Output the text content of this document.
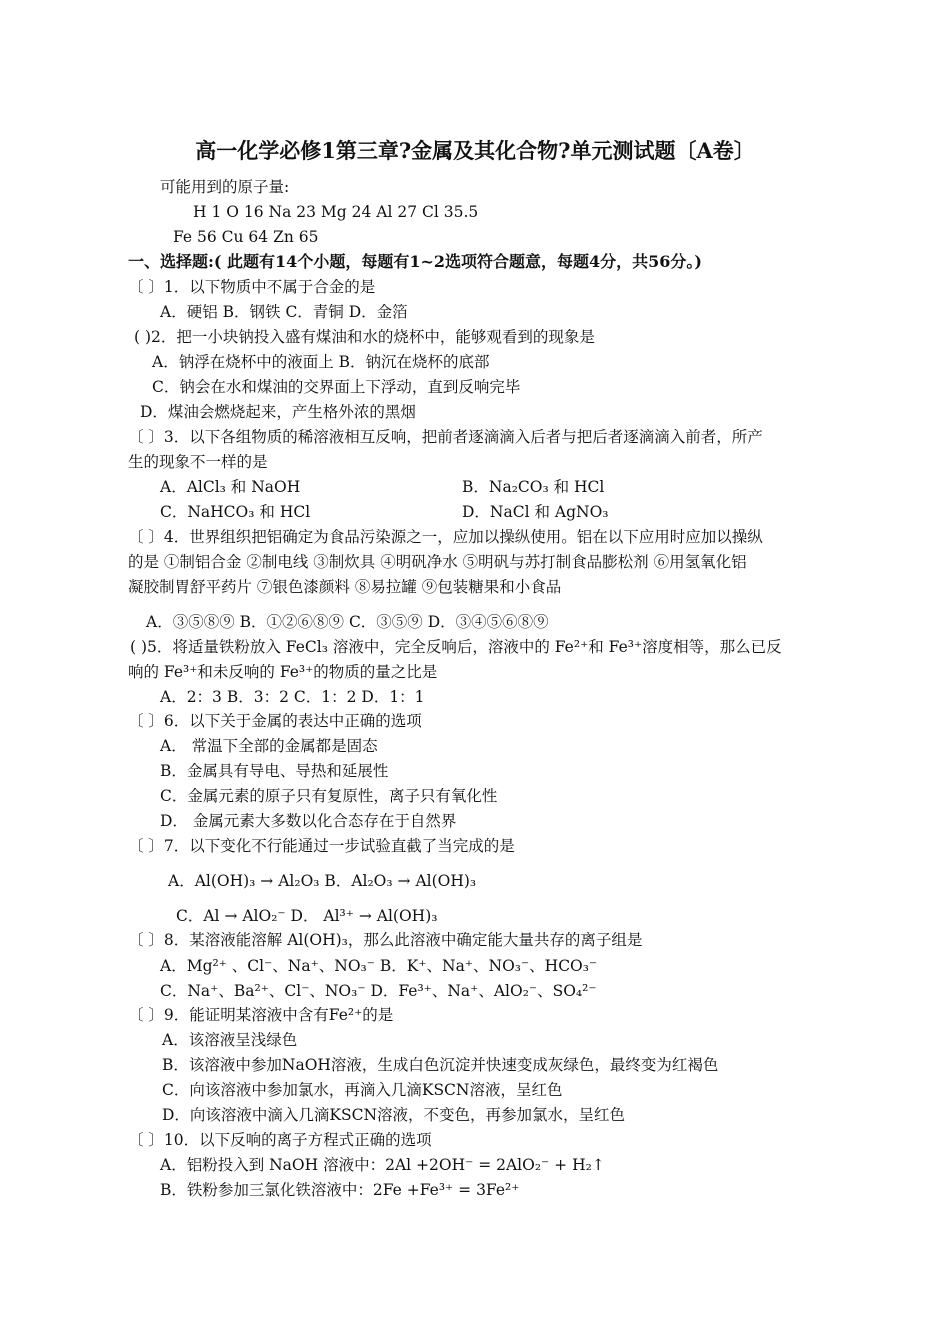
高一化学必修1第三章?金属及其化合物?单元测试题〔A卷〕
可能用到的原子量:
H 1 O 16 Na 23 Mg 24 Al 27 Cl 35.5
Fe 56 Cu 64 Zn 65
一、选择题:( 此题有14个小题，每题有1~2选项符合题意，每题4分，共56分。)
〔 〕1．以下物质中不属于合金的是
A．硬铝 B．钢铁 C．青铜 D．金箔
( )2．把一小块钠投入盛有煤油和水的烧杯中，能够观看到的现象是
A．钠浮在烧杯中的液面上 B．钠沉在烧杯的底部
C．钠会在水和煤油的交界面上下浮动，直到反响完毕
D．煤油会燃烧起来，产生格外浓的黑烟
〔 〕3．以下各组物质的稀溶液相互反响，把前者逐滴滴入后者与把后者逐滴滴入前者，所产
生的现象不一样的是
A．AlCl₃ 和 NaOH	B．Na₂CO₃ 和 HCl
C．NaHCO₃ 和 HCl	D．NaCl 和 AgNO₃
〔 〕4．世界组织把铝确定为食品污染源之一，应加以操纵使用。铝在以下应用时应加以操纵
的是 ①制铝合金 ②制电线 ③制炊具 ④明矾净水 ⑤明矾与苏打制食品膨松剂 ⑥用氢氧化铝
凝胶制胃舒平药片 ⑦银色漆颜料 ⑧易拉罐 ⑨包装糖果和小食品
A．③⑤⑧⑨ B．①②⑥⑧⑨ C．③⑤⑨ D．③④⑤⑥⑧⑨
( )5．将适量铁粉放入 FeCl₃ 溶液中，完全反响后，溶液中的 Fe²⁺和 Fe³⁺溶度相等，那么已反
响的 Fe³⁺和未反响的 Fe³⁺的物质的量之比是
A．2：3 B．3：2 C．1：2 D．1：1
〔 〕6．以下关于金属的表达中正确的选项
A． 常温下全部的金属都是固态
B．金属具有导电、导热和延展性
C．金属元素的原子只有复原性，离子只有氧化性
D． 金属元素大多数以化合态存在于自然界
〔 〕7．以下变化不行能通过一步试验直截了当完成的是
A．Al(OH)₃ → Al₂O₃ B．Al₂O₃ → Al(OH)₃
C．Al → AlO₂⁻ D． Al³⁺ → Al(OH)₃
〔 〕8．某溶液能溶解 Al(OH)₃，那么此溶液中确定能大量共存的离子组是
A．Mg²⁺ 、Cl⁻、Na⁺、NO₃⁻ B．K⁺、Na⁺、NO₃⁻、HCO₃⁻
C．Na⁺、Ba²⁺、Cl⁻、NO₃⁻ D．Fe³⁺、Na⁺、AlO₂⁻、SO₄²⁻
〔 〕9．能证明某溶液中含有Fe²⁺的是
A．该溶液呈浅绿色
B．该溶液中参加NaOH溶液，生成白色沉淀并快速变成灰绿色，最终变为红褐色
C．向该溶液中参加氯水，再滴入几滴KSCN溶液，呈红色
D．向该溶液中滴入几滴KSCN溶液，不变色，再参加氯水，呈红色
〔 〕10．以下反响的离子方程式正确的选项
A．铝粉投入到 NaOH 溶液中：2Al +2OH⁻ = 2AlO₂⁻ + H₂↑
B．铁粉参加三氯化铁溶液中：2Fe +Fe³⁺ = 3Fe²⁺
